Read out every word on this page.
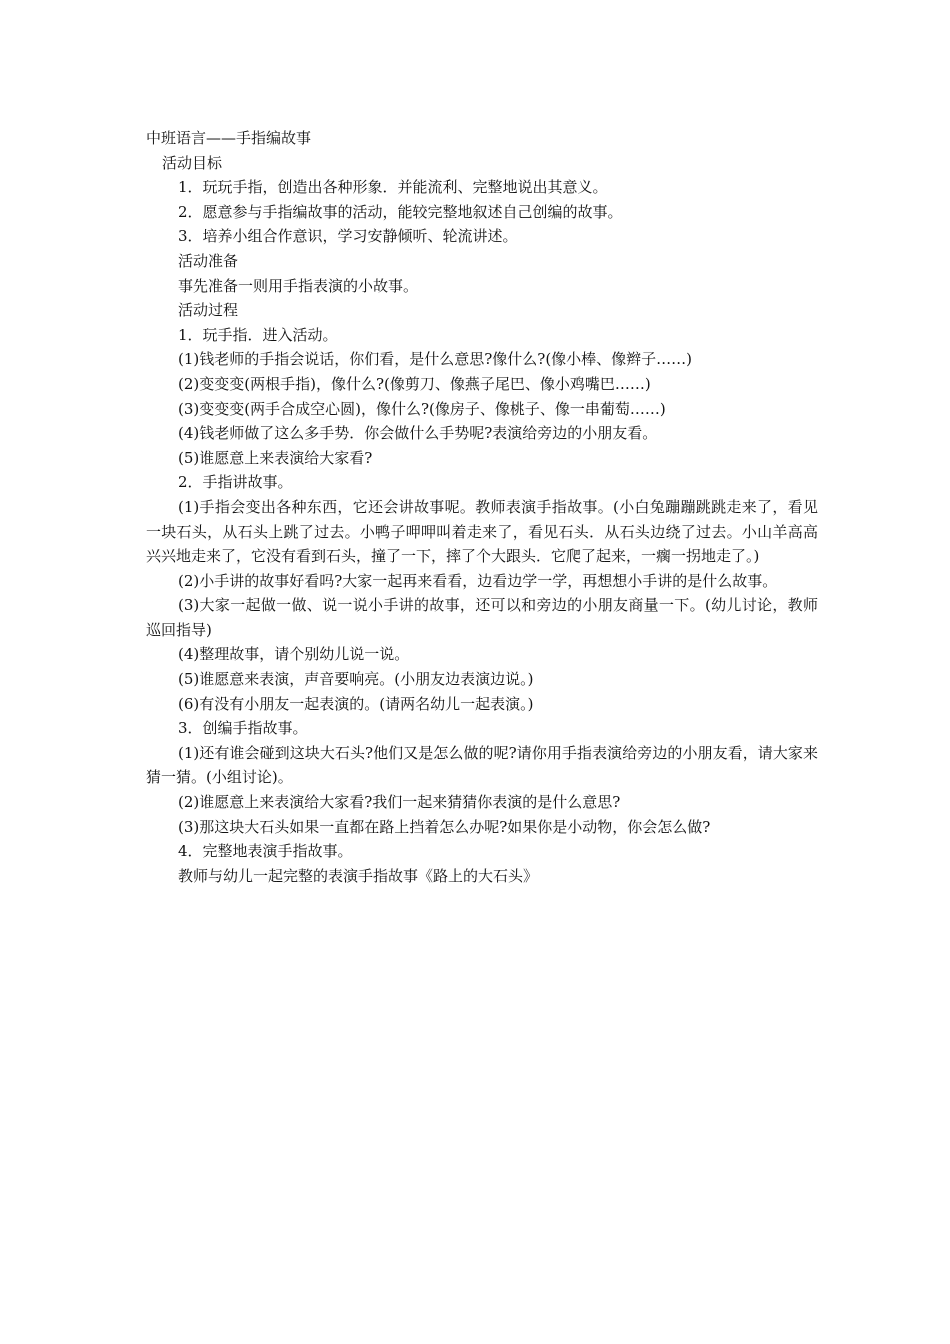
中班语言——手指编故事

活动目标

1．玩玩手指，创造出各种形象．并能流利、完整地说出其意义。

2．愿意参与手指编故事的活动，能较完整地叙述自己创编的故事。

3．培养小组合作意识，学习安静倾听、轮流讲述。

活动准备

事先准备一则用手指表演的小故事。

活动过程

1．玩手指．进入活动。

(1)钱老师的手指会说话，你们看，是什么意思?像什么?(像小棒、像辫子……)

(2)变变变(两根手指)，像什么?(像剪刀、像燕子尾巴、像小鸡嘴巴……)

(3)变变变(两手合成空心圆)，像什么?(像房子、像桃子、像一串葡萄……)

(4)钱老师做了这么多手势．你会做什么手势呢?表演给旁边的小朋友看。

(5)谁愿意上来表演给大家看?

2．手指讲故事。

(1)手指会变出各种东西，它还会讲故事呢。教师表演手指故事。(小白兔蹦蹦跳跳走来了，看见一块石头，从石头上跳了过去。小鸭子呷呷叫着走来了，看见石头．从石头边绕了过去。小山羊高高兴兴地走来了，它没有看到石头，撞了一下，摔了个大跟头．它爬了起来，一瘸一拐地走了。)

(2)小手讲的故事好看吗?大家一起再来看看，边看边学一学，再想想小手讲的是什么故事。

(3)大家一起做一做、说一说小手讲的故事，还可以和旁边的小朋友商量一下。(幼儿讨论，教师巡回指导)

(4)整理故事，请个别幼儿说一说。

(5)谁愿意来表演，声音要响亮。(小朋友边表演边说。)

(6)有没有小朋友一起表演的。(请两名幼儿一起表演。)

3．创编手指故事。

(1)还有谁会碰到这块大石头?他们又是怎么做的呢?请你用手指表演给旁边的小朋友看，请大家来猜一猜。(小组讨论)。

(2)谁愿意上来表演给大家看?我们一起来猜猜你表演的是什么意思?

(3)那这块大石头如果一直都在路上挡着怎么办呢?如果你是小动物，你会怎么做?

4．完整地表演手指故事。

教师与幼儿一起完整的表演手指故事《路上的大石头》
